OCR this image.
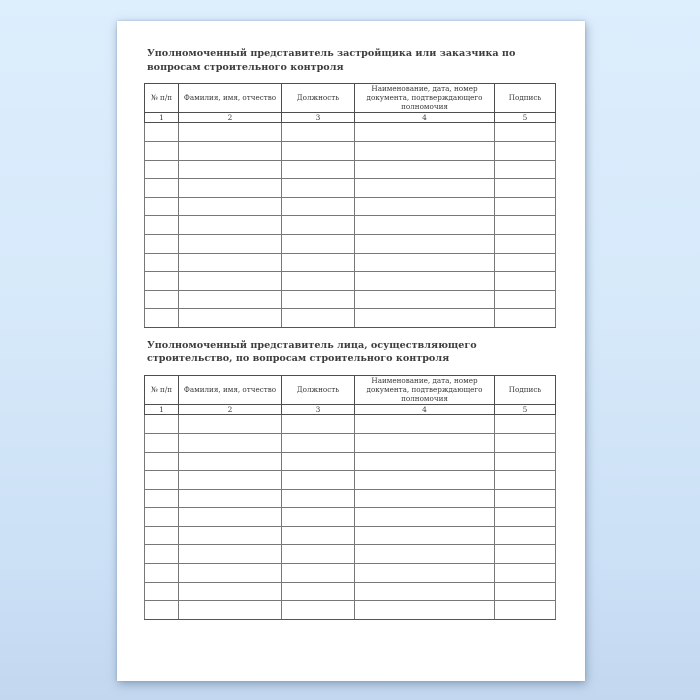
Уполномоченный представитель застройщика или заказчика по вопросам строительного контроля

№ п/п	Фамилия, имя, отчество	Должность	Наименование, дата, номер документа, подтверждающего полномочия	Подпись
1	2	3	4	5

Уполномоченный представитель лица, осуществляющего строительство, по вопросам строительного контроля

№ п/п	Фамилия, имя, отчество	Должность	Наименование, дата, номер документа, подтверждающего полномочия	Подпись
1	2	3	4	5
